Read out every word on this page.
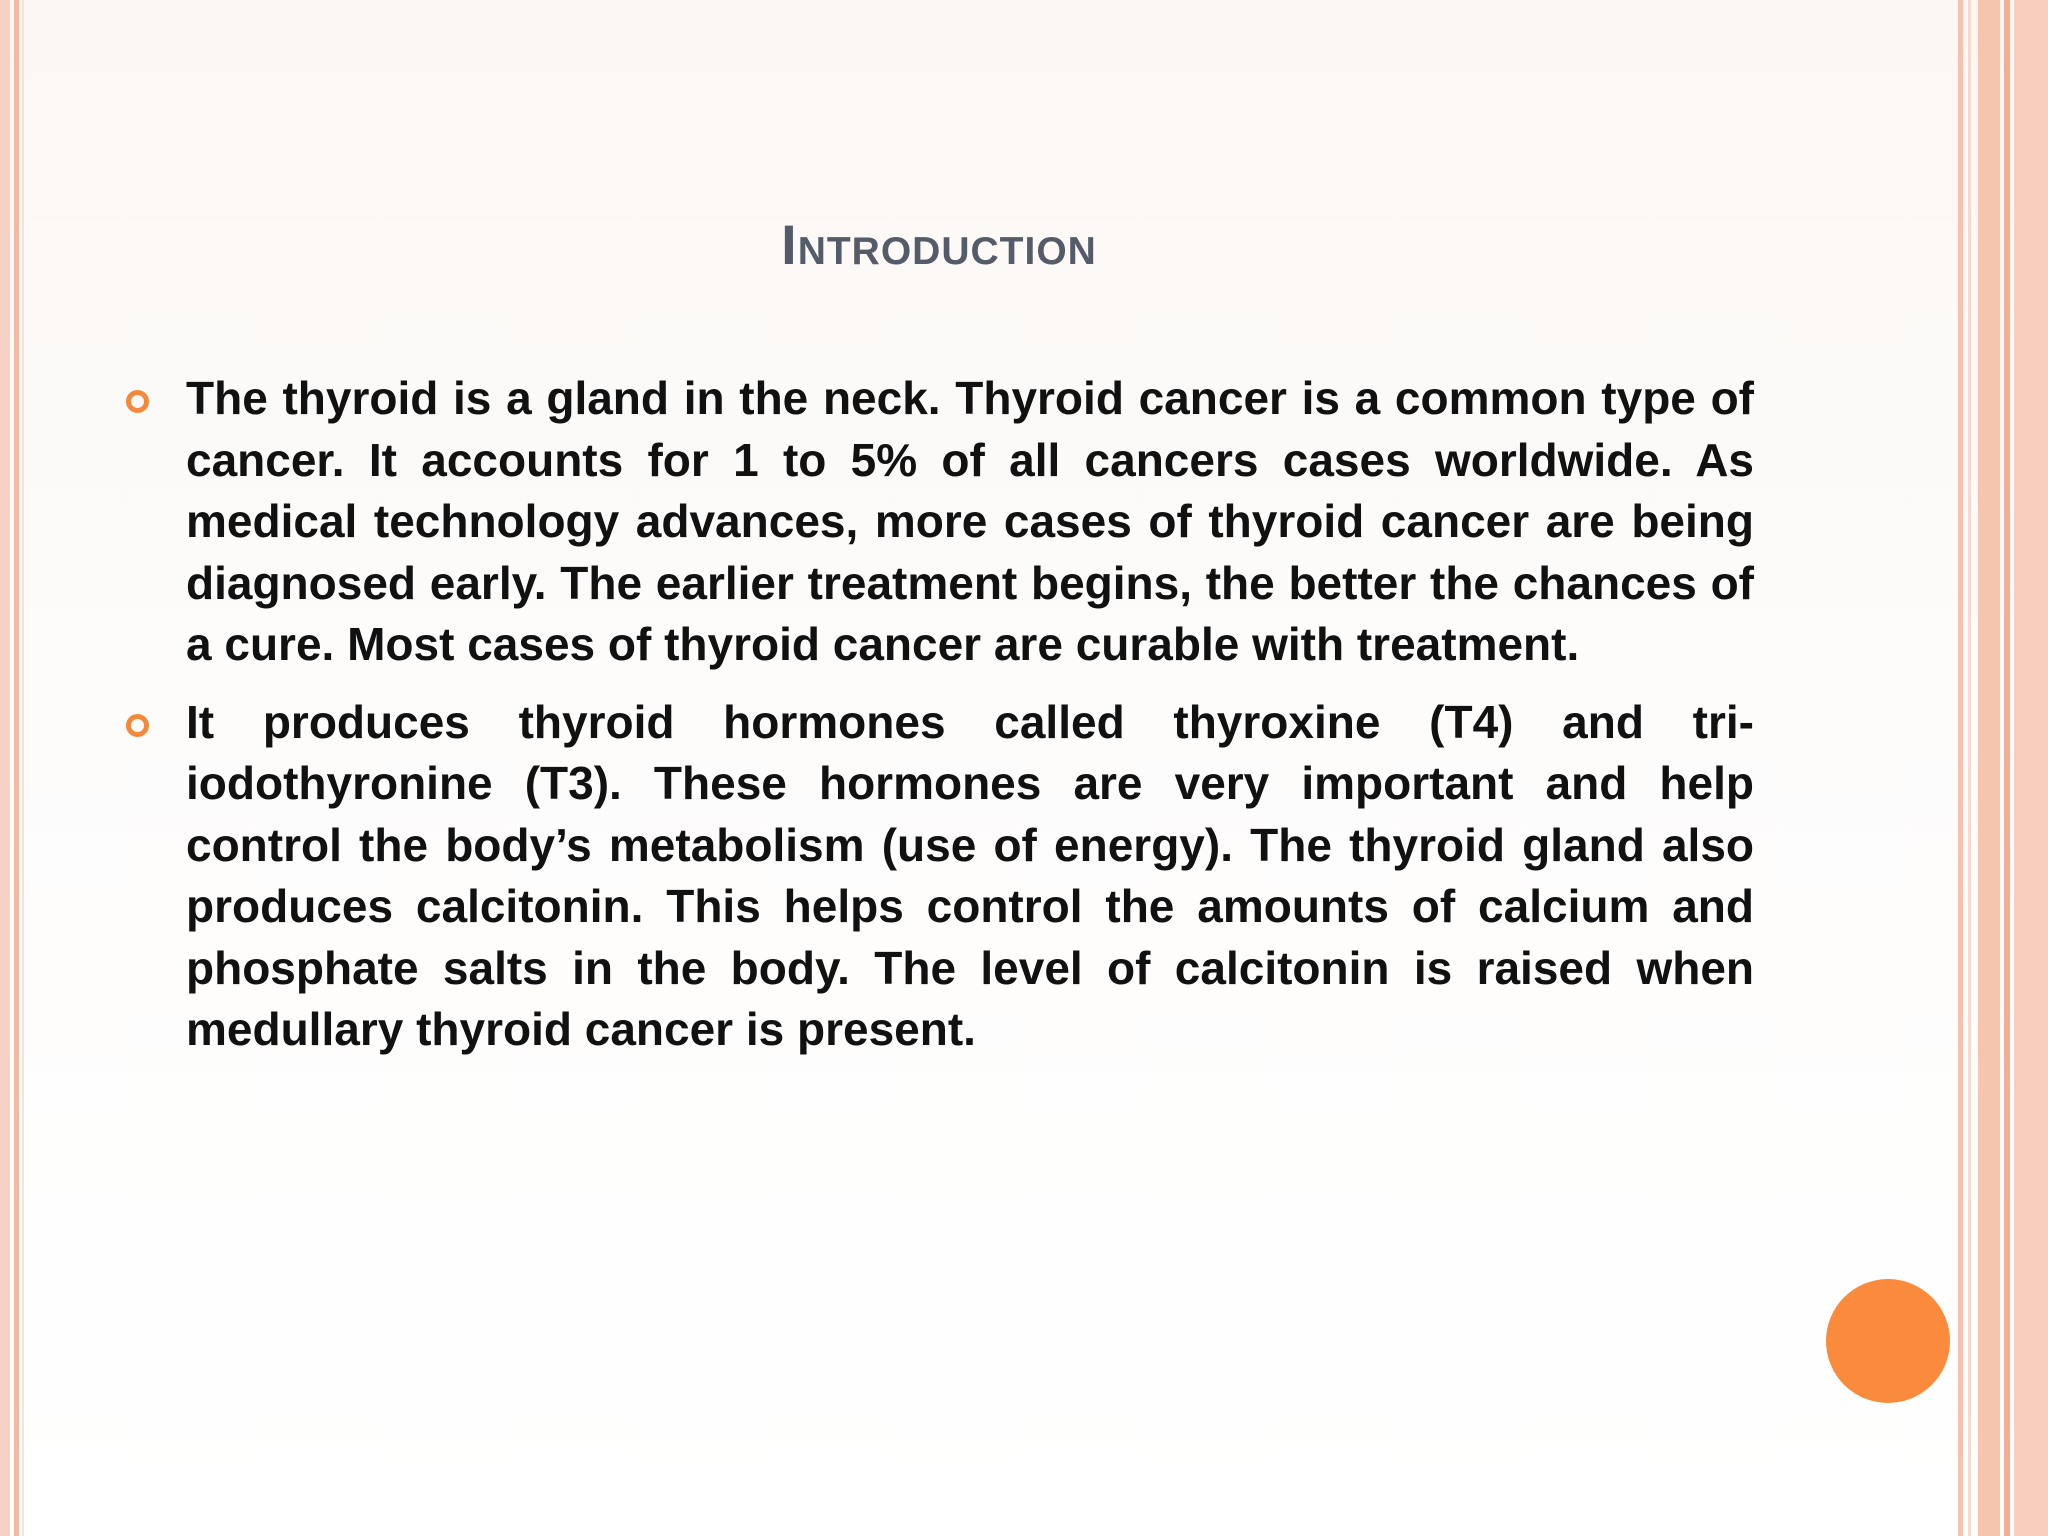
Introduction
The thyroid is a gland in the neck. Thyroid cancer is a common type of cancer. It accounts for 1 to 5% of all cancers cases worldwide. As medical technology advances, more cases of thyroid cancer are being diagnosed early. The earlier treatment begins, the better the chances of a cure. Most cases of thyroid cancer are curable with treatment.
It produces thyroid hormones called thyroxine (T4) and tri-iodothyronine (T3). These hormones are very important and help control the body’s metabolism (use of energy). The thyroid gland also produces calcitonin. This helps control the amounts of calcium and phosphate salts in the body. The level of calcitonin is raised when medullary thyroid cancer is present.
